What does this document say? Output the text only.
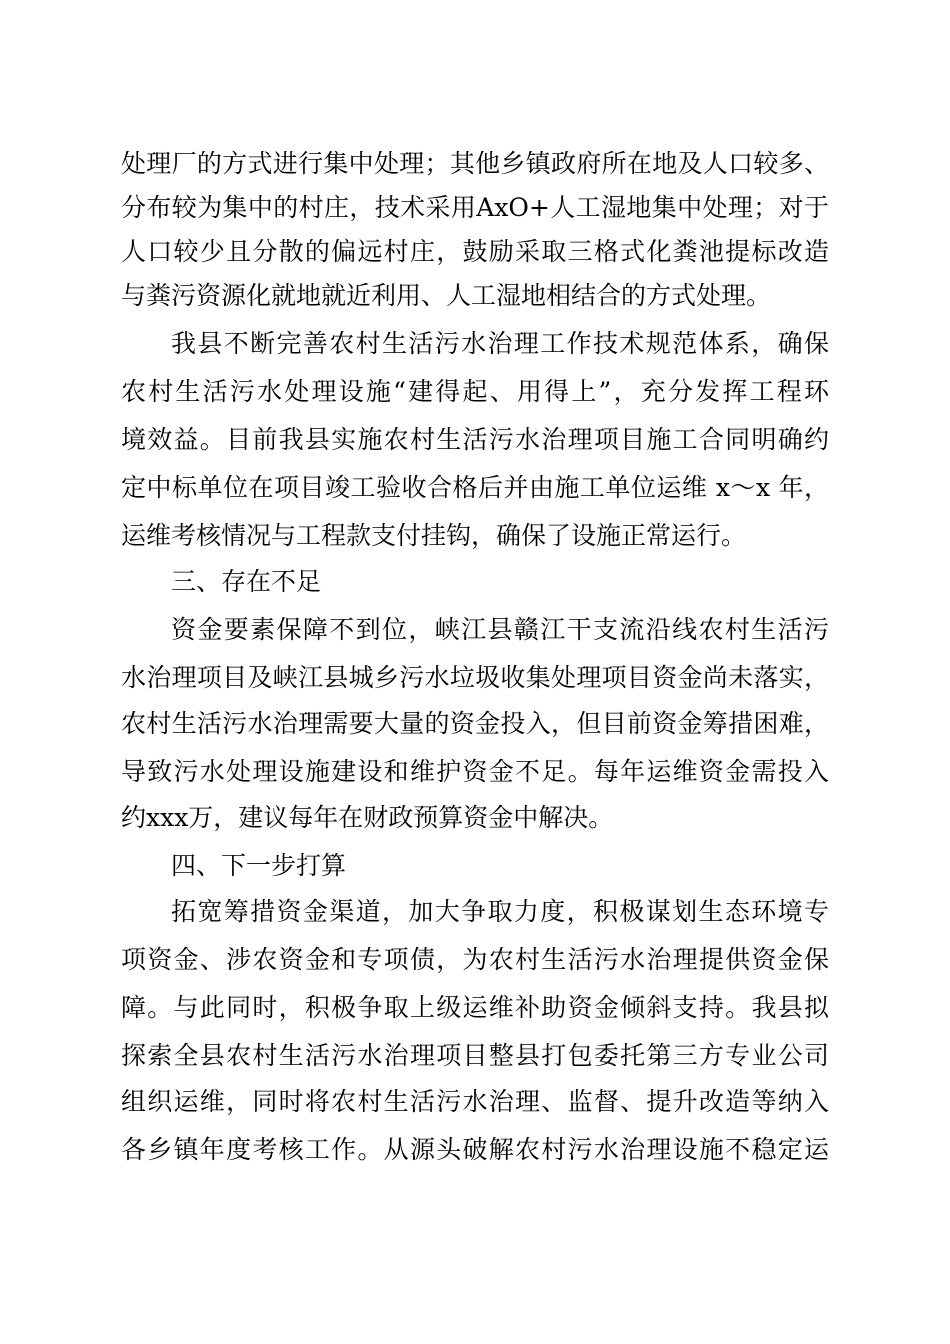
处理厂的方式进行集中处理；其他乡镇政府所在地及人口较多、
分布较为集中的村庄，技术采用AxO+人工湿地集中处理；对于
人口较少且分散的偏远村庄，鼓励采取三格式化粪池提标改造
与粪污资源化就地就近利用、人工湿地相结合的方式处理。
我县不断完善农村生活污水治理工作技术规范体系，确保
农村生活污水处理设施“建得起、用得上”，充分发挥工程环
境效益。目前我县实施农村生活污水治理项目施工合同明确约
定中标单位在项目竣工验收合格后并由施工单位运维 x～x 年，
运维考核情况与工程款支付挂钩，确保了设施正常运行。
三、存在不足
资金要素保障不到位，峡江县赣江干支流沿线农村生活污
水治理项目及峡江县城乡污水垃圾收集处理项目资金尚未落实，
农村生活污水治理需要大量的资金投入，但目前资金筹措困难，
导致污水处理设施建设和维护资金不足。每年运维资金需投入
约xxx万，建议每年在财政预算资金中解决。
四、下一步打算
拓宽筹措资金渠道，加大争取力度，积极谋划生态环境专
项资金、涉农资金和专项债，为农村生活污水治理提供资金保
障。与此同时，积极争取上级运维补助资金倾斜支持。我县拟
探索全县农村生活污水治理项目整县打包委托第三方专业公司
组织运维，同时将农村生活污水治理、监督、提升改造等纳入
各乡镇年度考核工作。从源头破解农村污水治理设施不稳定运
